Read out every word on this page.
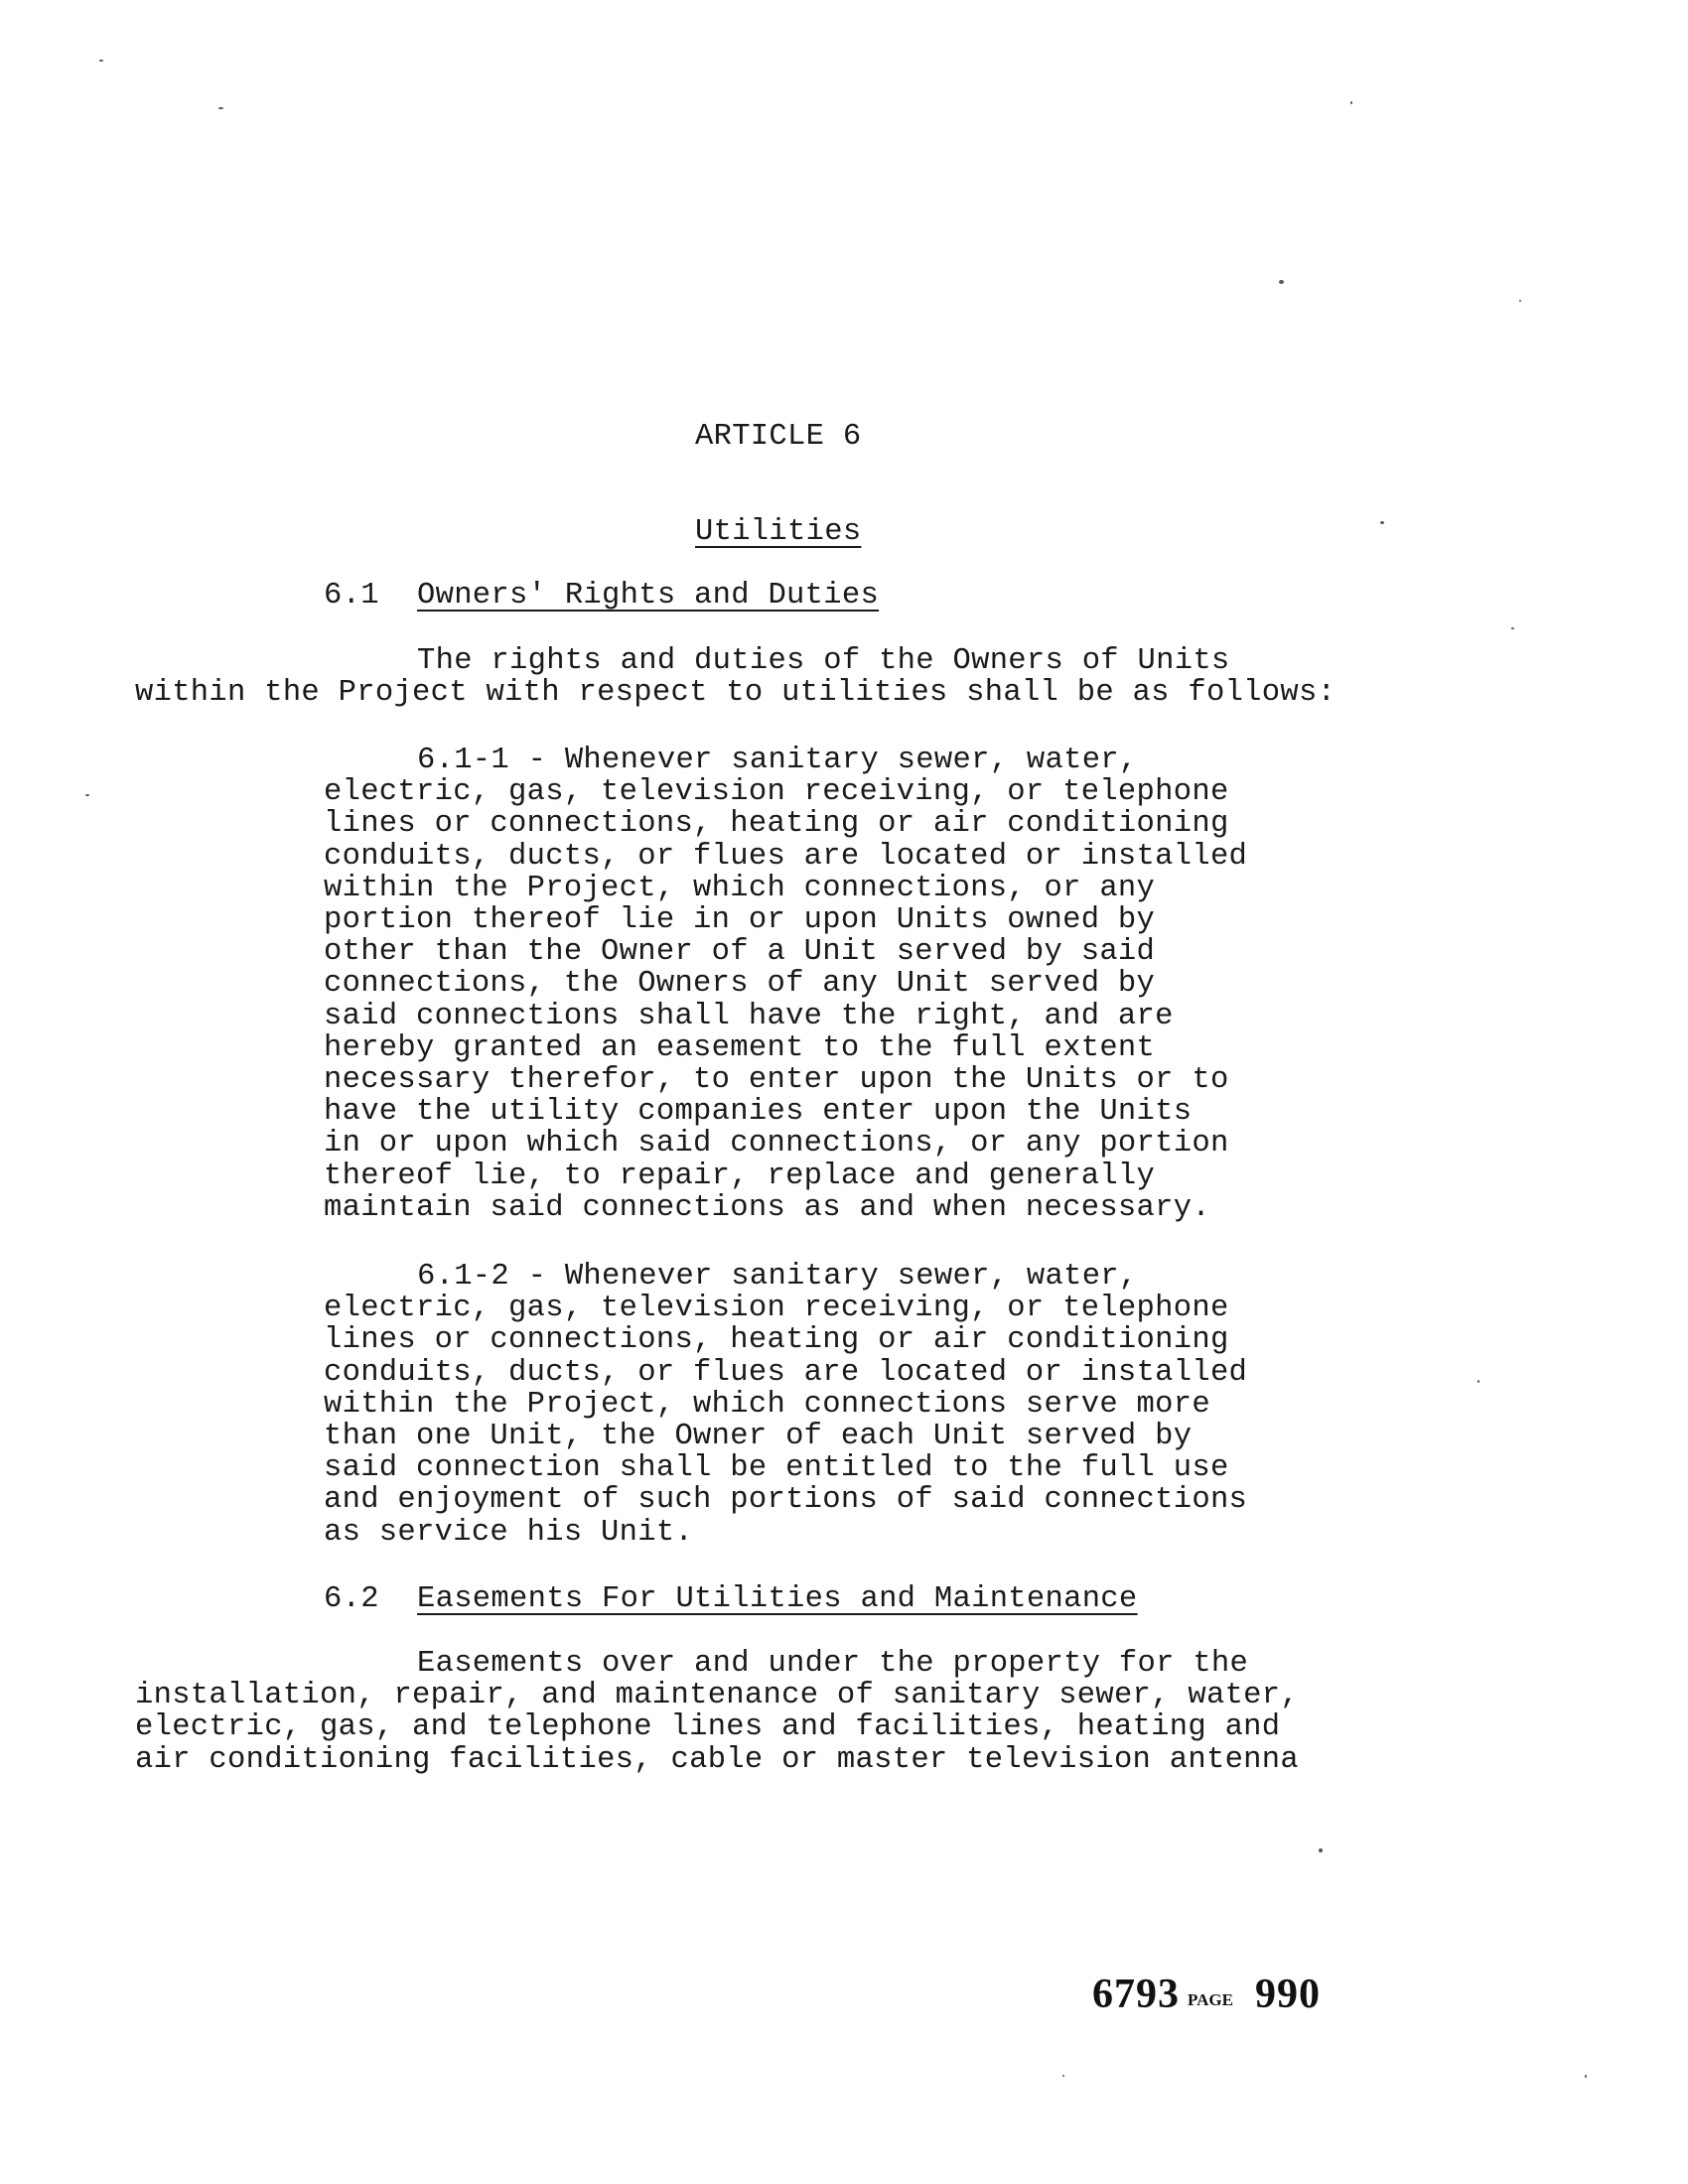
ARTICLE 6
Utilities
6.1 Owners' Rights and Duties

The rights and duties of the Owners of Units
within the Project with respect to utilities shall be as follows:

6.1-1 - Whenever sanitary sewer, water,
electric, gas, television receiving, or telephone
lines or connections, heating or air conditioning
conduits, ducts, or flues are located or installed
within the Project, which connections, or any
portion thereof lie in or upon Units owned by
other than the Owner of a Unit served by said
connections, the Owners of any Unit served by
said connections shall have the right, and are
hereby granted an easement to the full extent
necessary therefor, to enter upon the Units or to
have the utility companies enter upon the Units
in or upon which said connections, or any portion
thereof lie, to repair, replace and generally
maintain said connections as and when necessary.

6.1-2 - Whenever sanitary sewer, water,
electric, gas, television receiving, or telephone
lines or connections, heating or air conditioning
conduits, ducts, or flues are located or installed
within the Project, which connections serve more
than one Unit, the Owner of each Unit served by
said connection shall be entitled to the full use
and enjoyment of such portions of said connections
as service his Unit.

6.2 Easements For Utilities and Maintenance

Easements over and under the property for the
installation, repair, and maintenance of sanitary sewer, water,
electric, gas, and telephone lines and facilities, heating and
air conditioning facilities, cable or master television antenna

6793 PAGE 990
